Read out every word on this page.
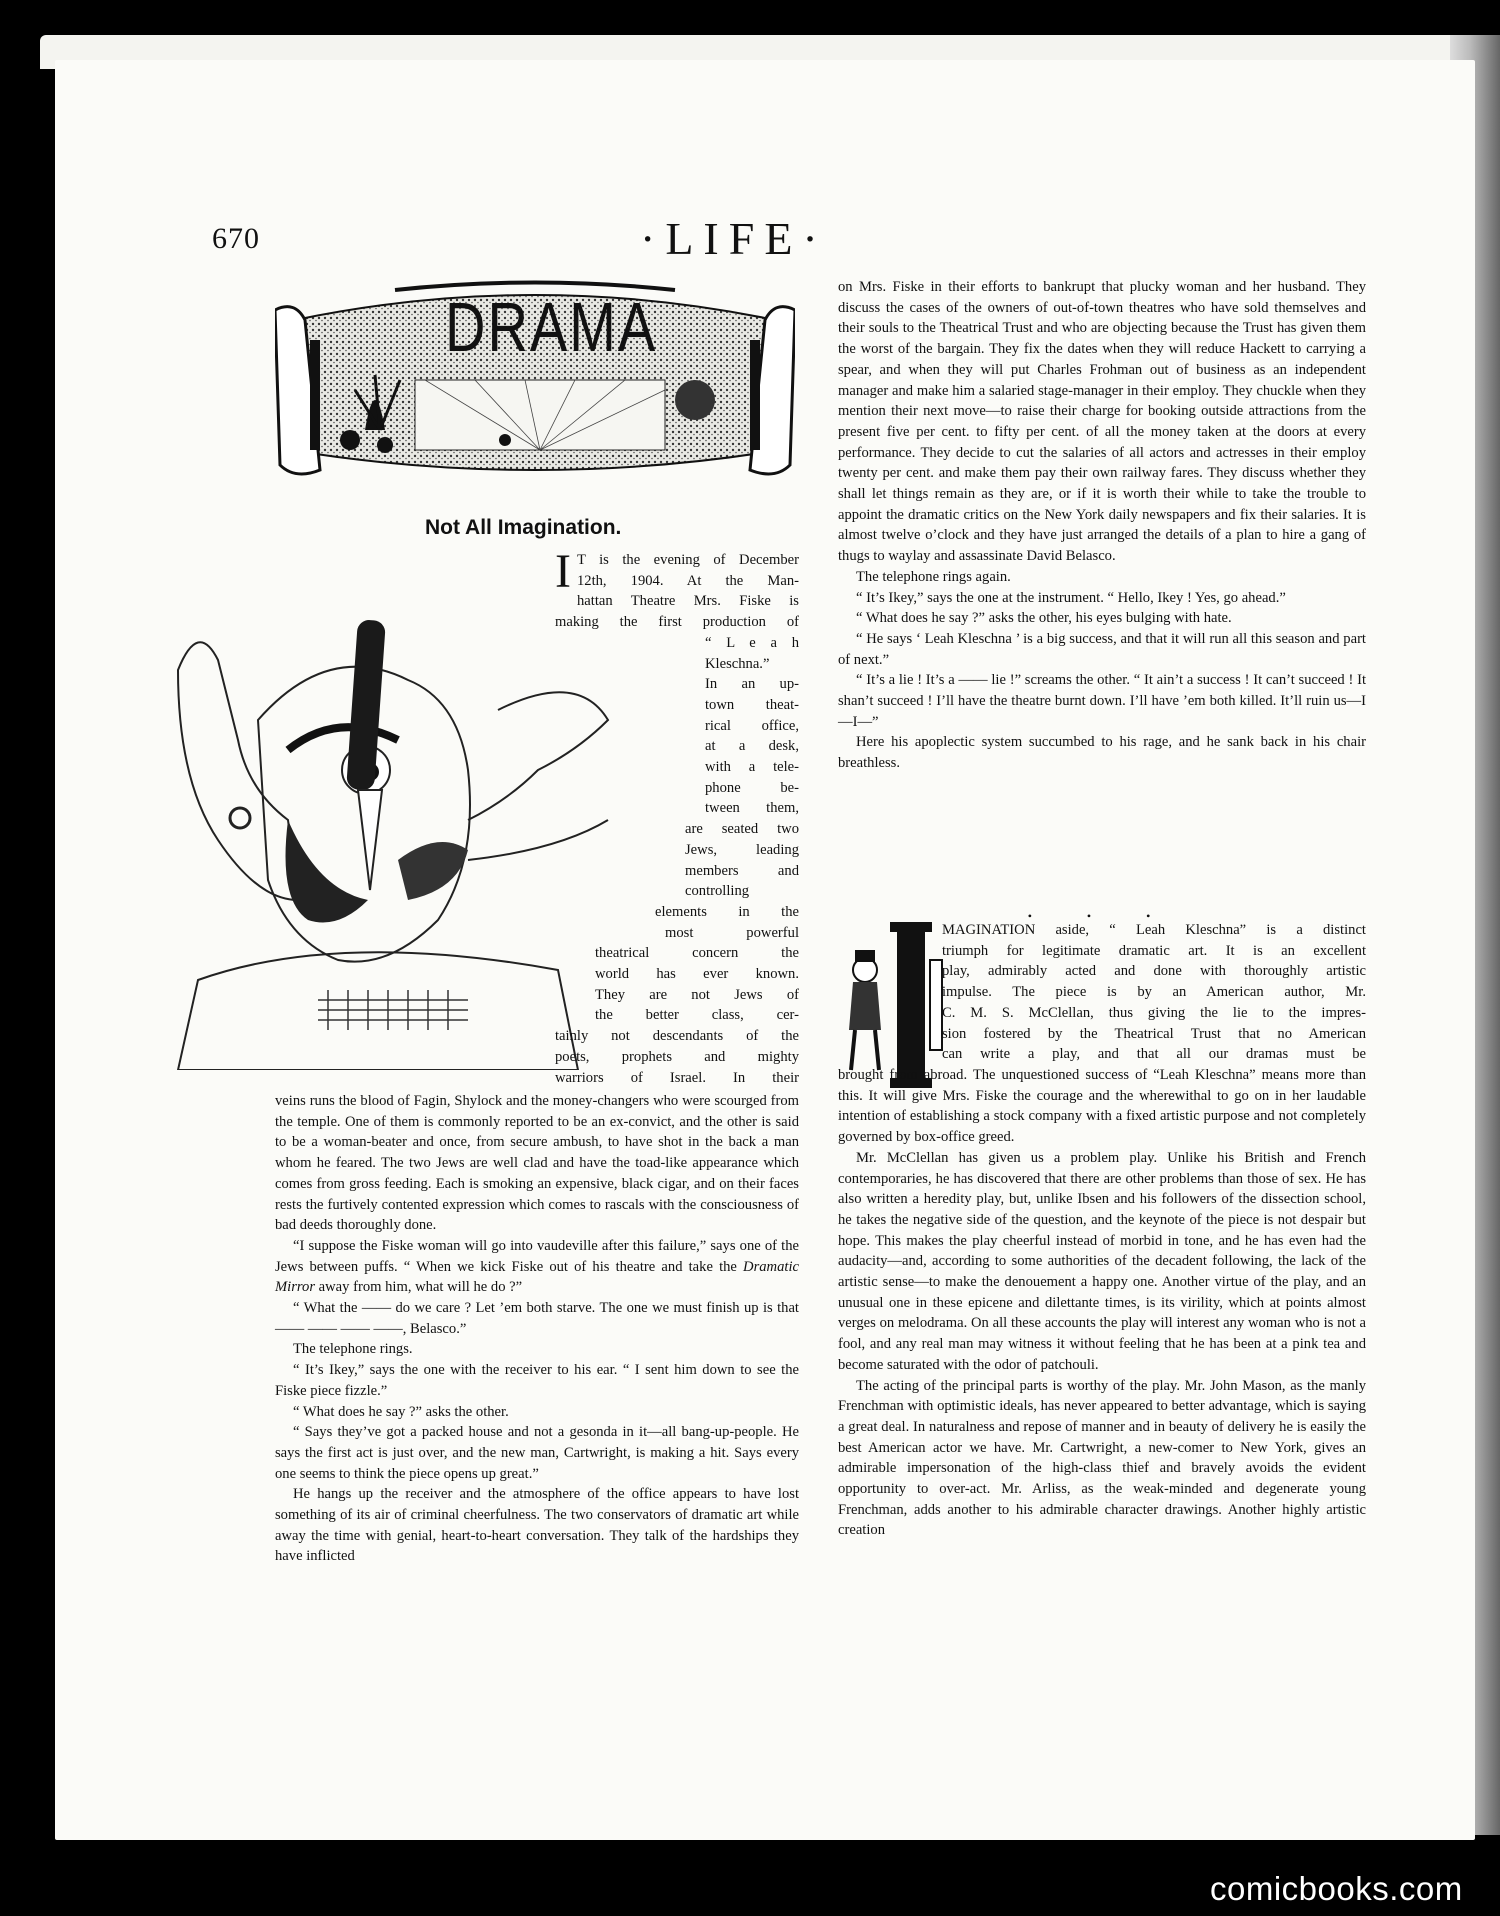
670	·LIFE·
DRAMA
Not All Imagination.
I T is the evening of December

12th, 1904. At the Man-

hattan Theatre Mrs. Fiske is

making the first production of

“ L e a h

Kleschna.”

In an up-

town theat-

rical office,

at a desk,

with a tele-

phone be-

tween them,

are seated two

Jews, leading

members and

controlling

elements in the

most powerful

theatrical concern the

world has ever known.

They are not Jews of

the better class, cer-

tainly not descendants of the

poets, prophets and mighty

warriors of Israel. In their

veins runs the blood of Fagin, Shylock and the money-changers who were scourged from the temple. One of them is commonly reported to be an ex-convict, and the other is said to be a woman-beater and once, from secure ambush, to have shot in the back a man whom he feared. The two Jews are well clad and have the toad-like appearance which comes from gross feeding. Each is smoking an expensive, black cigar, and on their faces rests the furtively contented expression which comes to rascals with the consciousness of bad deeds thoroughly done.

“I suppose the Fiske woman will go into vaudeville after this failure,” says one of the Jews between puffs. “ When we kick Fiske out of his theatre and take the Dramatic Mirror away from him, what will he do ?”

“ What the —— do we care ? Let ’em both starve. The one we must finish up is that —— —— —— ——, Belasco.”

The telephone rings.

“ It’s Ikey,” says the one with the receiver to his ear. “ I sent him down to see the Fiske piece fizzle.”

“ What does he say ?” asks the other.

“ Says they’ve got a packed house and not a gesonda in it—all bang-up-people. He says the first act is just over, and the new man, Cartwright, is making a hit. Says every one seems to think the piece opens up great.”

He hangs up the receiver and the atmosphere of the office appears to have lost something of its air of criminal cheerfulness. The two conservators of dramatic art while away the time with genial, heart-to-heart conversation. They talk of the hardships they have inflicted

on Mrs. Fiske in their efforts to bankrupt that plucky woman and her husband. They discuss the cases of the owners of out-of-town theatres who have sold themselves and their souls to the Theatrical Trust and who are objecting because the Trust has given them the worst of the bargain. They fix the dates when they will reduce Hackett to carrying a spear, and when they will put Charles Frohman out of business as an independent manager and make him a salaried stage-manager in their employ. They chuckle when they mention their next move—to raise their charge for booking outside attractions from the present five per cent. to fifty per cent. of all the money taken at the doors at every performance. They decide to cut the salaries of all actors and actresses in their employ twenty per cent. and make them pay their own railway fares. They discuss whether they shall let things remain as they are, or if it is worth their while to take the trouble to appoint the dramatic critics on the New York daily newspapers and fix their salaries. It is almost twelve o’clock and they have just arranged the details of a plan to hire a gang of thugs to waylay and assassinate David Belasco.

The telephone rings again.

“ It’s Ikey,” says the one at the instrument. “ Hello, Ikey ! Yes, go ahead.”

“ What does he say ?” asks the other, his eyes bulging with hate.

“ He says ‘ Leah Kleschna ’ is a big success, and that it will run all this season and part of next.”

“ It’s a lie ! It’s a —— lie !” screams the other. “ It ain’t a success ! It can’t succeed ! It shan’t succeed ! I’ll have the theatre burnt down. I’ll have ’em both killed. It’ll ruin us—I—I—”

Here his apoplectic system succumbed to his rage, and he sank back in his chair breathless.

• • •

MAGINATION aside, “ Leah Kleschna” is a distinct

triumph for legitimate dramatic art. It is an excellent

play, admirably acted and done with thoroughly artistic

impulse. The piece is by an American author, Mr.

C. M. S. McClellan, thus giving the lie to the impres-

sion fostered by the Theatrical Trust that no American

can write a play, and that all our dramas must be

brought from abroad. The unquestioned success of “Leah Kleschna” means more than this. It will give Mrs. Fiske the courage and the wherewithal to go on in her laudable intention of establishing a stock company with a fixed artistic purpose and not completely governed by box-office greed.

Mr. McClellan has given us a problem play. Unlike his British and French contemporaries, he has discovered that there are other problems than those of sex. He has also written a heredity play, but, unlike Ibsen and his followers of the dissection school, he takes the negative side of the question, and the keynote of the piece is not despair but hope. This makes the play cheerful instead of morbid in tone, and he has even had the audacity—and, according to some authorities of the decadent following, the lack of the artistic sense—to make the denouement a happy one. Another virtue of the play, and an unusual one in these epicene and dilettante times, is its virility, which at points almost verges on melodrama. On all these accounts the play will interest any woman who is not a fool, and any real man may witness it without feeling that he has been at a pink tea and become saturated with the odor of patchouli.

The acting of the principal parts is worthy of the play. Mr. John Mason, as the manly Frenchman with optimistic ideals, has never appeared to better advantage, which is saying a great deal. In naturalness and repose of manner and in beauty of delivery he is easily the best American actor we have. Mr. Cartwright, a new-comer to New York, gives an admirable impersonation of the high-class thief and bravely avoids the evident opportunity to over-act. Mr. Arliss, as the weak-minded and degenerate young Frenchman, adds another to his admirable character drawings. Another highly artistic creation

comicbooks.com
